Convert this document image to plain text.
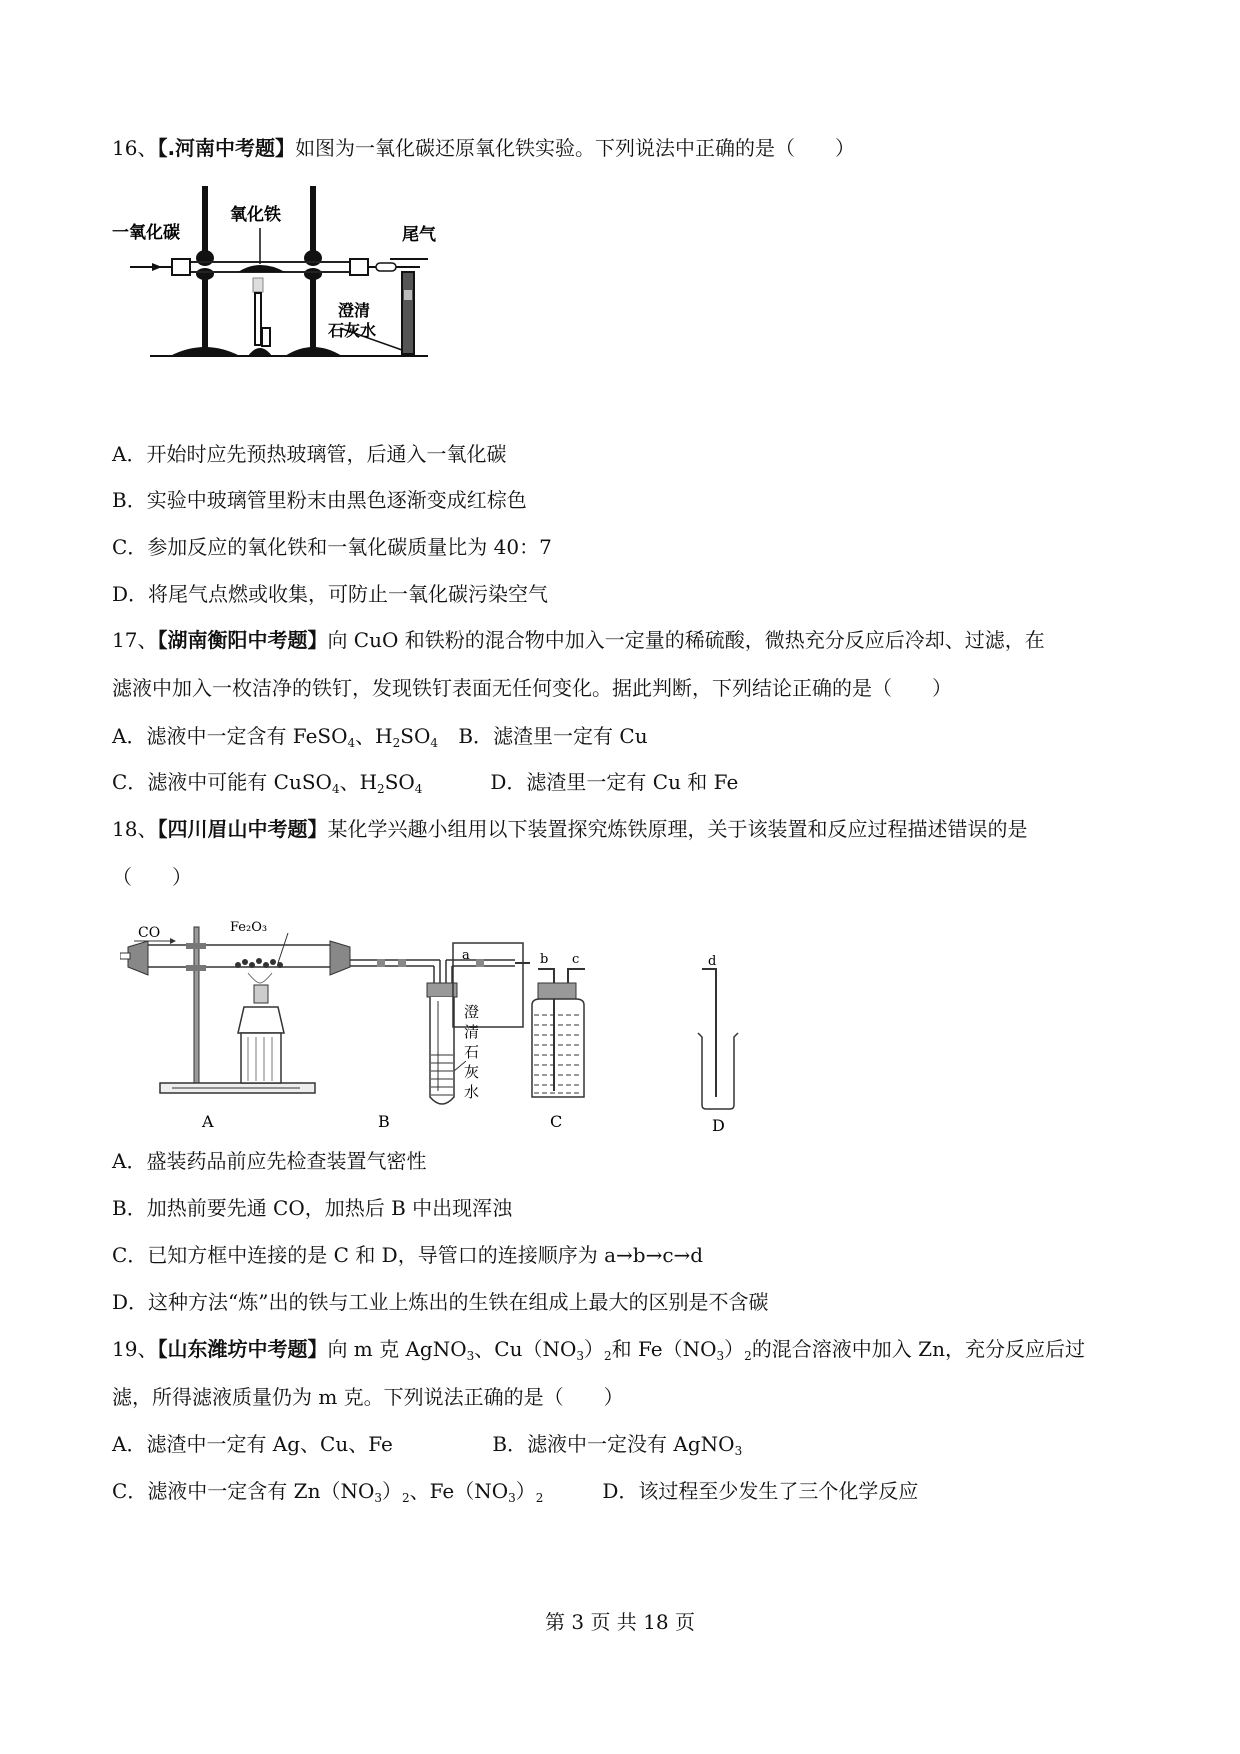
16、【.河南中考题】如图为一氧化碳还原氧化铁实验。下列说法中正确的是（　　）
一氧化碳
氧化铁
尾气
澄清
石灰水
A．开始时应先预热玻璃管，后通入一氧化碳
B．实验中玻璃管里粉末由黑色逐渐变成红棕色
C．参加反应的氧化铁和一氧化碳质量比为 40：7
D．将尾气点燃或收集，可防止一氧化碳污染空气
17、【湖南衡阳中考题】向 CuO 和铁粉的混合物中加入一定量的稀硫酸，微热充分反应后冷却、过滤，在
滤液中加入一枚洁净的铁钉，发现铁钉表面无任何变化。据此判断，下列结论正确的是（　　）
A．滤液中一定含有 FeSO$_4$、$H_2SO_4$ B．滤渣里一定有 Cu
C．滤液中可能有 CuSO$_4$、$H_2SO_4$	D．滤渣里一定有 Cu 和 Fe
18、【四川眉山中考题】某化学兴趣小组用以下装置探究炼铁原理，关于该装置和反应过程描述错误的是
（　　）
Fe₂O₃
CO
A
澄
清
石
灰
水
B
a	b c
C
d
D
A．盛装药品前应先检查装置气密性
B．加热前要先通 CO，加热后 B 中出现浑浊
C．已知方框中连接的是 C 和 D，导管口的连接顺序为 a→b→c→d
D．这种方法“炼”出的铁与工业上炼出的生铁在组成上最大的区别是不含碳
19、【山东潍坊中考题】向 m 克 AgNO$_3$、$Cu(NO_3)_2$和 $Fe(NO_3)_2$的混合溶液中加入 Zn，充分反应后过
滤，所得滤液质量仍为 m 克。下列说法正确的是（　　）
A．滤渣中一定有 Ag、Cu、Fe	B．滤液中一定没有 AgNO$_3$
C．滤液中一定含有 $Zn(NO_3)_2$、$Fe(NO_3)_2$	D．该过程至少发生了三个化学反应
第 3 页 共 18 页
